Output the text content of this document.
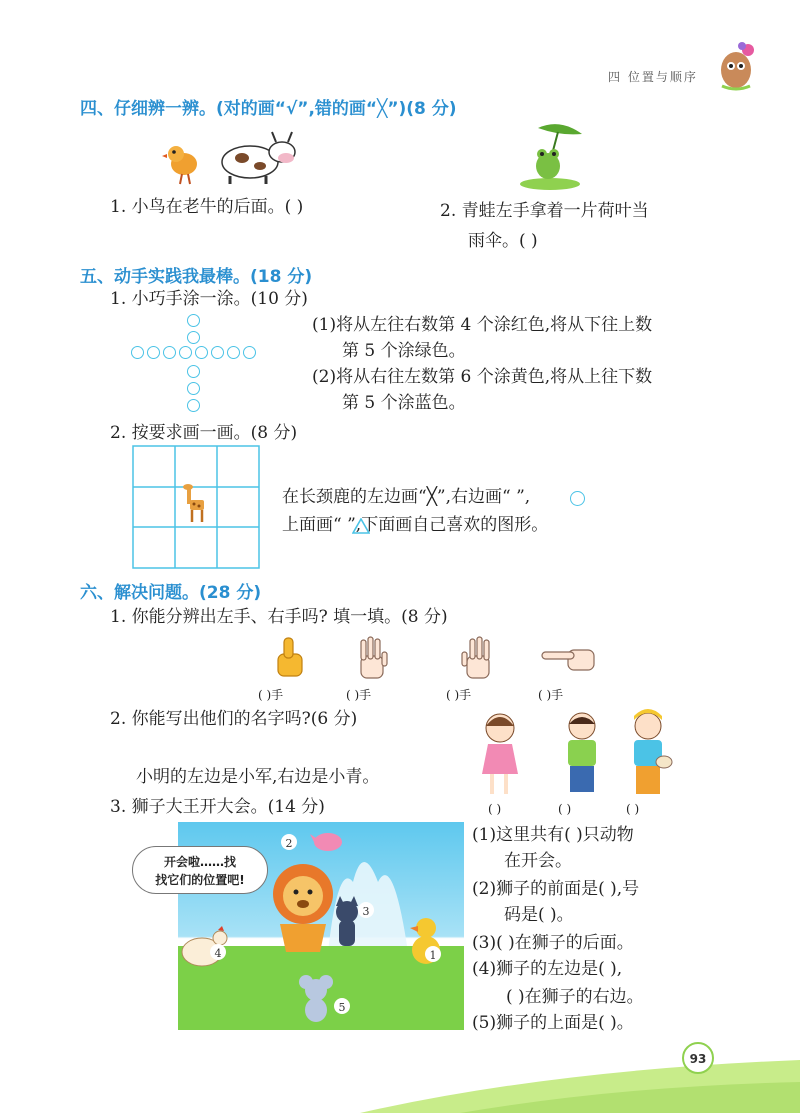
四 位置与顺序
四、仔细辨一辨。(对的画“√”,错的画“╳”)(8 分)
1. 小鸟在老牛的后面。( )	2. 青蛙左手拿着一片荷叶当
雨伞。( )
五、动手实践我最棒。(18 分)
1. 小巧手涂一涂。(10 分)
(1)将从左往右数第 4 个涂红色,将从下往上数
第 5 个涂绿色。
(2)将从右往左数第 6 个涂黄色,将从上往下数
第 5 个涂蓝色。
2. 按要求画一画。(8 分)
在长颈鹿的左边画“╳”,右边画“ ”,
上面画“ ”,下面画自己喜欢的图形。
六、解决问题。(28 分)
1. 你能分辨出左手、右手吗? 填一填。(8 分)
( )手	( )手	( )手	( )手
2. 你能写出他们的名字吗?(6 分)
小明的左边是小军,右边是小青。
( )	( )	( )
3. 狮子大王开大会。(14 分)
2
3
4	1
5
开会啦……找
找它们的位置吧!
(1)这里共有( )只动物
在开会。
(2)狮子的前面是( ),号
码是( )。
(3)( )在狮子的后面。
(4)狮子的左边是( ),
( )在狮子的右边。
(5)狮子的上面是( )。
93
